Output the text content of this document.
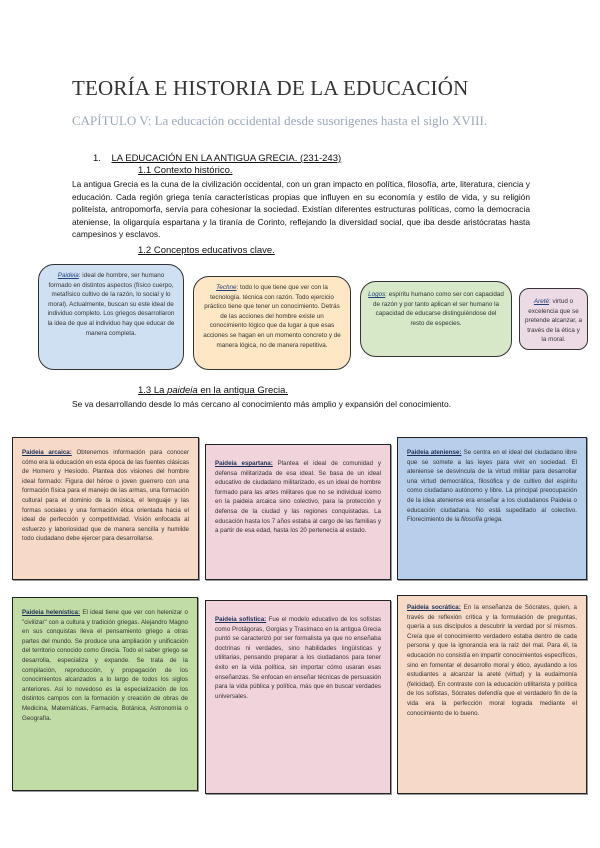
TEORÍA E HISTORIA DE LA EDUCACIÓN
CAPÍTULO V: La educación occidental desde susorigenes hasta el siglo XVIII.
1. LA EDUCACIÓN EN LA ANTIGUA GRECIA. (231-243)
1.1 Contexto histórico.
La antigua Grecia es la cuna de la civilización occidental, con un gran impacto en política, filosofía, arte, literatura, ciencia y educación. Cada región griega tenía características propias que influyen en su economía y estilo de vida, y su religión politeísta, antropomorfa, servía para cohesionar la sociedad. Existían diferentes estructuras políticas, como la democracia ateniense, la oligarquía espartana y la tiranía de Corinto, reflejando la diversidad social, que iba desde aristócratas hasta campesinos y esclavos.
1.2 Conceptos educativos clave.
Paideia: ideal de hombre, ser humano formado en distintos aspectos (físico cuerpo, metafísico cultivo de la razón, lo social y lo moral). Actualmente, buscan su este ideal de individuo completo. Los griegos desarrollaron la idea de que al individuo hay que educar de manera completa.
Techne: todo lo que tiene que ver con la tecnología. técnica con razón. Todo ejercicio práctico tiene que tener un conocimiento. Detrás de las acciones del hombre existe un conocimiento lógico que da lugar a que esas acciones se hagan en un momento concreto y de manera lógica, no de manera repetitiva.
Logos: espíritu humano como ser con capacidad de razón y por tanto aplican el ser humano la capacidad de educarse distinguiéndose del resto de especies.
Areté: virtud o excelencia que se pretende alcanzar, a través de la ética y la moral.
1.3 La paideia en la antigua Grecia.
Se va desarrollando desde lo más cercano al conocimiento más amplio y expansión del conocimiento.
Paideia arcaica: Obtenemos información para conocer cómo era la educación en esta época de las fuentes clásicas de Homero y Hesíodo. Plantea dos visiones del hombre ideal formado: Figura del héroe o joven guerrero con una formación física para el manejo de las armas, una formación cultural para el dominio de la música, el lenguaje y las formas sociales y una formación ética orientada hacia el ideal de perfección y competitividad. Visión enfocada al esfuerzo y laboriosidad que de manera sencilla y humilde todo ciudadano debe ejercer para desarrollarse.
Paideia espartana: Plantea el ideal de comunidad y defensa militarizada de esa ideal. Se basa de un ideal educativo de ciudadano militarizado, es un ideal de hombre formado para las artes militares que no se individual icemo en la paideia arcaica sino colectivo, para la protección y defensa de la ciudad y las regiones conquistadas. La educación hasta los 7 años estaba al cargo de las familias y a partir de esa edad, hasta los 20 pertenecía al estado.
Paideia ateniense: Se centra en el ideal del ciudadano libre que se somete a las leyes para vivir en sociedad. El ateniense se desvincula de la virtud militar para desarrollar una virtud democrática, filosófica y de cultivo del espíritu como ciudadano autónomo y libre. La principal preocupación de la idea ateniense era enseñar a los ciudadanos Paideia o educación ciudadana. No está supeditado al colectivo. Florecimiento de la filosofía griega.
Paideia helenística: El ideal tiene que ver con helenizar o "civilizar" con a cultura y tradición griegas. Alejandro Magno en sus conquistas lleva el pensamiento griego a otras partes del mundo. Se produce una ampliación y unificación del territorio conocido como Grecia. Todo el saber griego se desarrolla, especializa y expande. Se trata de la compilación, reproducción, y propagación de los conocimientos alcanzados a lo largo de todos los siglos anteriores. Así lo novedoso es la especialización de los distintos campos con la formación y creación de obras de Medicina, Matemáticas, Farmacia, Botánica, Astronomía o Geografía.
Paideia sofística: Fue el modelo educativo de los sofistas como Protágoras, Gorgias y Trasímaco en la antigua Grecia puntó se caracterizó por ser formalista ya que no enseñaba doctrinas ni verdades, sino habilidades lingüísticas y utilitarias, pensando preparar a los ciudadanos para tener éxito en la vida política, sin importar cómo usaran esas enseñanzas. Se enfocan en enseñar técnicas de persuasión para la vida pública y política, más que en buscar verdades universales.
Paideia socrática: En la enseñanza de Sócrates, quien, a través de reflexión crítica y la formulación de preguntas, quería a sus discípulos a descubrir la verdad por sí mismos. Creía que el conocimiento verdadero estaba dentro de cada persona y que la ignorancia era la raíz del mal. Para él, la educación no consistía en impartir conocimientos específicos, sino en fomentar el desarrollo moral y ético, ayudando a los estudiantes a alcanzar la areté (virtud) y la eudaimonía (felicidad). En contraste con la educación utilitarista y política de los sofistas, Sócrates defendía que el verdadero fin de la vida era la perfección moral lograda mediante el conocimiento de lo bueno.
